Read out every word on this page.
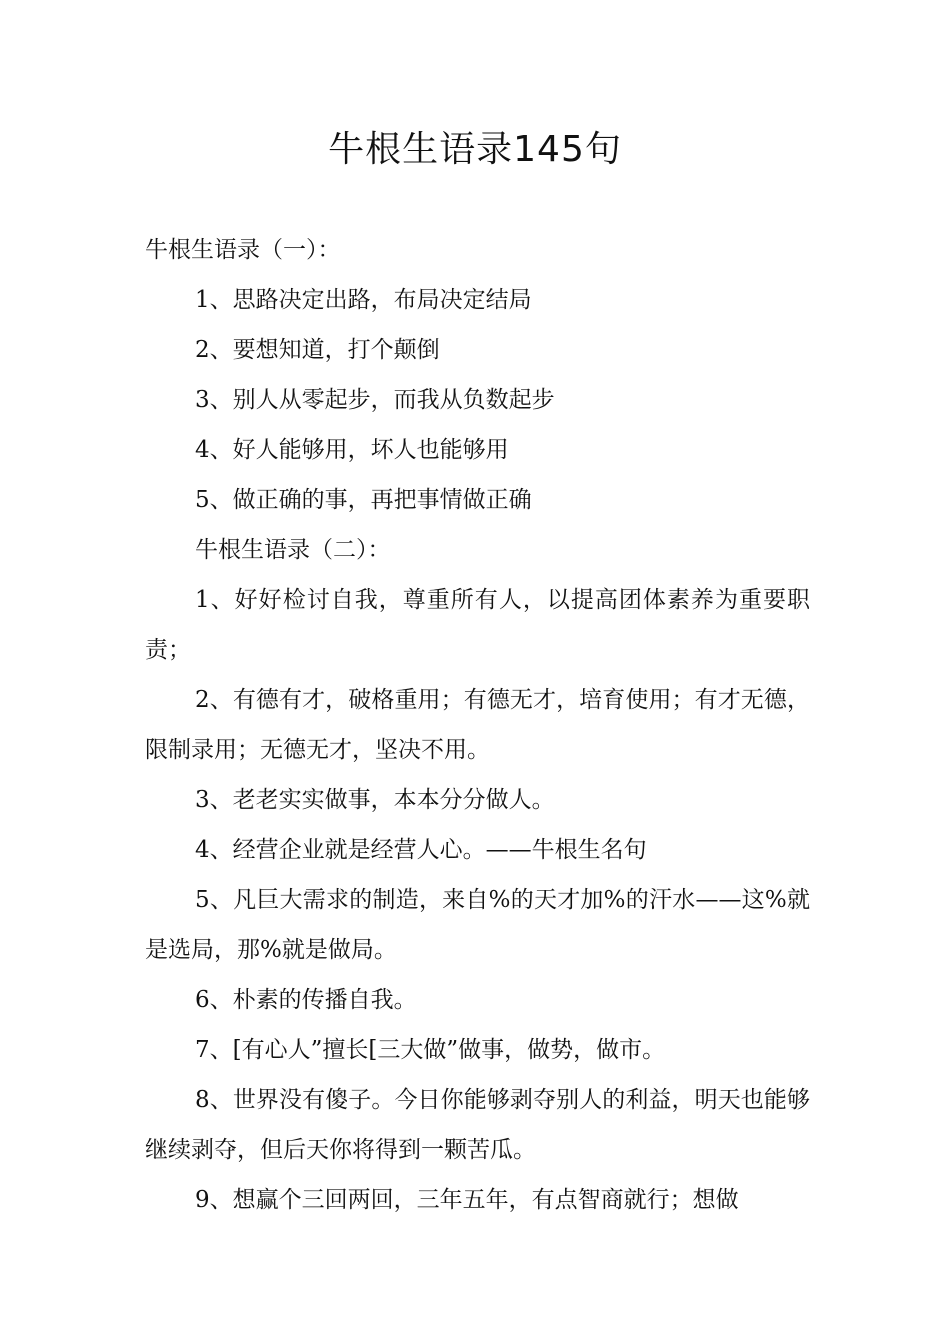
牛根生语录145句

牛根生语录（一）：

1、思路决定出路，布局决定结局

2、要想知道，打个颠倒

3、别人从零起步，而我从负数起步

4、好人能够用，坏人也能够用

5、做正确的事，再把事情做正确

牛根生语录（二）：

1、好好检讨自我，尊重所有人，以提高团体素养为重要职责；

2、有德有才，破格重用；有德无才，培育使用；有才无德，限制录用；无德无才，坚决不用。

3、老老实实做事，本本分分做人。

4、经营企业就是经营人心。——牛根生名句

5、凡巨大需求的制造，来自%的天才加%的汗水——这%就是选局，那%就是做局。

6、朴素的传播自我。

7、[有心人”擅长[三大做”做事，做势，做市。

8、世界没有傻子。今日你能够剥夺别人的利益，明天也能够继续剥夺，但后天你将得到一颗苦瓜。

9、想赢个三回两回，三年五年，有点智商就行；想做
